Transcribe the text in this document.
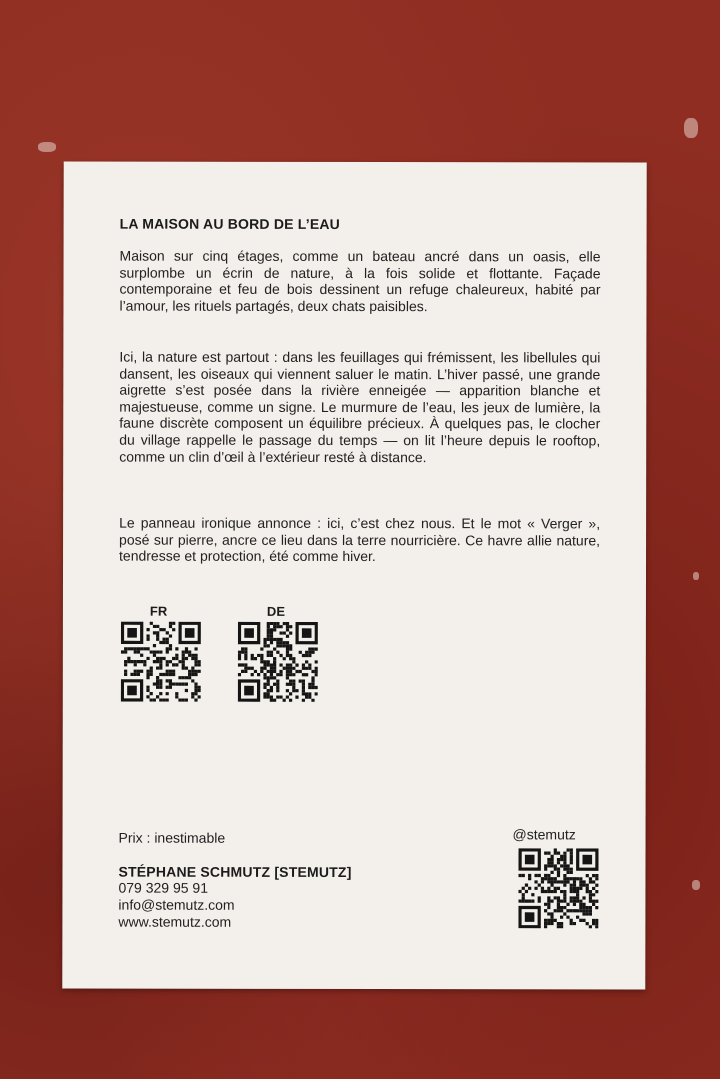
LA MAISON AU BORD DE L’EAU

Maison sur cinq étages, comme un bateau ancré dans un oasis, elle surplombe un écrin de nature, à la fois solide et flottante. Façade contemporaine et feu de bois dessinent un refuge chaleureux, habité par l’amour, les rituels partagés, deux chats paisibles.

Ici, la nature est partout : dans les feuillages qui frémissent, les libellules qui dansent, les oiseaux qui viennent saluer le matin. L’hiver passé, une grande aigrette s’est posée dans la rivière enneigée — apparition blanche et majestueuse, comme un signe. Le murmure de l’eau, les jeux de lumière, la faune discrète composent un équilibre précieux. À quelques pas, le clocher du village rappelle le passage du temps — on lit l’heure depuis le rooftop, comme un clin d’œil à l’extérieur resté à distance.

Le panneau ironique annonce : ici, c’est chez nous. Et le mot « Verger », posé sur pierre, ancre ce lieu dans la terre nourricière. Ce havre allie nature, tendresse et protection, été comme hiver.

FR	DE
Prix : inestimable
STÉPHANE SCHMUTZ [STEMUTZ]
079 329 95 91
info@stemutz.com
www.stemutz.com
@stemutz
